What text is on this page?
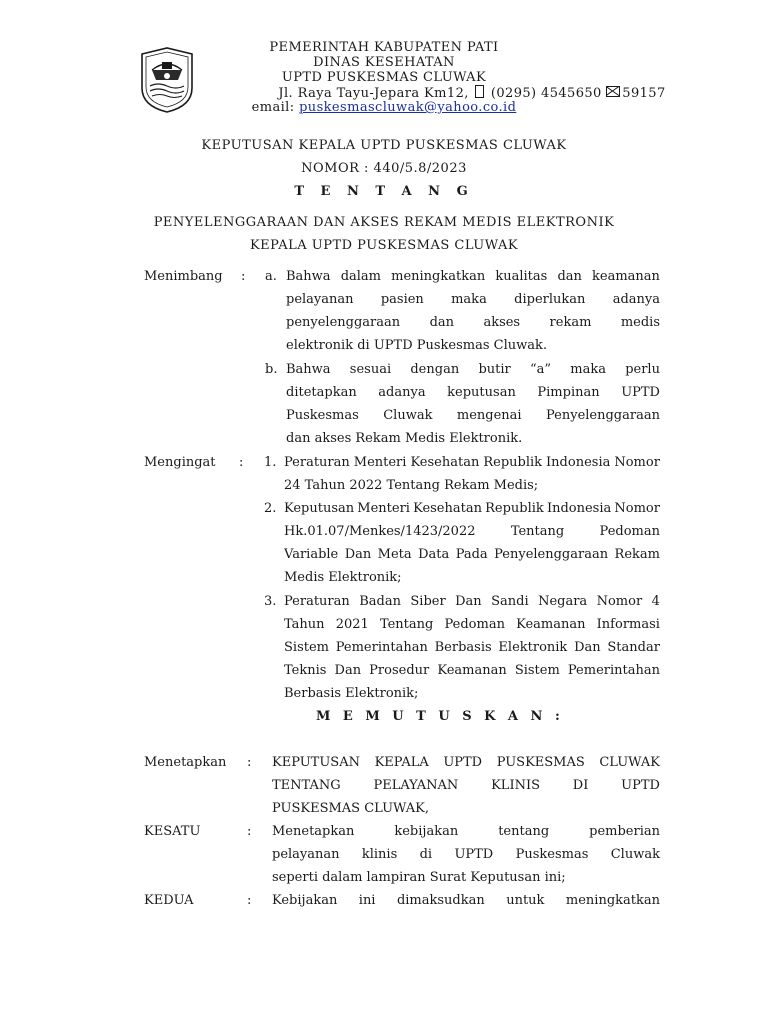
PEMERINTAH KABUPATEN PATI
DINAS KESEHATAN
UPTD PUSKESMAS CLUWAK
Jl. Raya Tayu-Jepara Km12, (0295) 4545650 59157
email: puskesmascluwak@yahoo.co.id
KEPUTUSAN KEPALA UPTD PUSKESMAS CLUWAK
NOMOR : 440/5.8/2023
T E N T A N G
PENYELENGGARAAN DAN AKSES REKAM MEDIS ELEKTRONIK
KEPALA UPTD PUSKESMAS CLUWAK
Menimbang : a. Bahwa dalam meningkatkan kualitas dan keamanan
pelayanan pasien maka diperlukan adanya
penyelenggaraan dan akses rekam medis
elektronik di UPTD Puskesmas Cluwak.
b. Bahwa sesuai dengan butir “a” maka perlu
ditetapkan adanya keputusan Pimpinan UPTD
Puskesmas Cluwak mengenai Penyelenggaraan
dan akses Rekam Medis Elektronik.
Mengingat : 1. Peraturan Menteri Kesehatan Republik Indonesia Nomor
24 Tahun 2022 Tentang Rekam Medis;
2. Keputusan Menteri Kesehatan Republik Indonesia Nomor
Hk.01.07/Menkes/1423/2022	Tentang	Pedoman
Variable Dan Meta Data Pada Penyelenggaraan Rekam
Medis Elektronik;
3. Peraturan Badan Siber Dan Sandi Negara Nomor 4
Tahun 2021 Tentang Pedoman Keamanan Informasi
Sistem Pemerintahan Berbasis Elektronik Dan Standar
Teknis Dan Prosedur Keamanan Sistem Pemerintahan
Berbasis Elektronik;
M E M U T U S K A N :
Menetapkan : KEPUTUSAN KEPALA UPTD PUSKESMAS CLUWAK
TENTANG	PELAYANAN	KLINIS	DI	UPTD
PUSKESMAS CLUWAK,
KESATU	: Menetapkan	kebijakan	tentang	pemberian
pelayanan klinis di UPTD Puskesmas Cluwak
seperti dalam lampiran Surat Keputusan ini;
KEDUA	: Kebijakan ini dimaksudkan untuk meningkatkan
